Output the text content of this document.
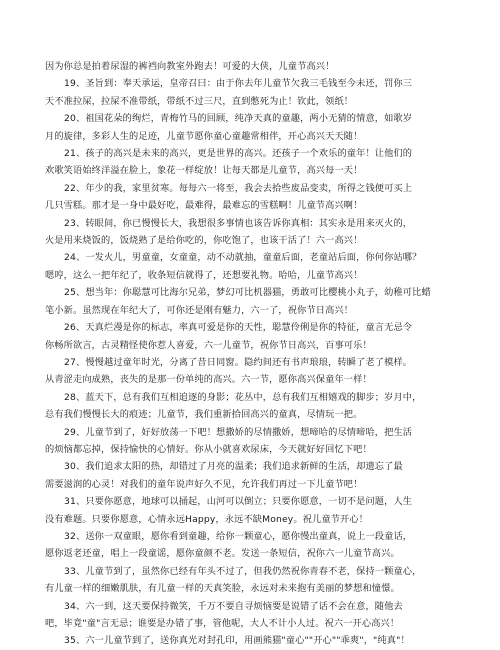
因为你总是拍着尿湿的裤裆向教室外跑去！可爱的大侠，儿童节高兴！
19、圣旨到：奉天承运，皇帝召曰：由于你去年儿童节欠我三毛钱至今未还，罚你三
天不准拉屎，拉屎不准带纸，带纸不过三尺，直到憋死为止！钦此，领纸！
20、祖国花朵的绚烂，青梅竹马的回顾，纯净天真的童趣，两小无猜的情意，如歌岁
月的旋律，多彩人生的足迹，儿童节愿你童心童趣常相伴，开心高兴天天随！
21、孩子的高兴是未来的高兴，更是世界的高兴。还孩子一个欢乐的童年！让他们的
欢歌笑语始终洋溢在脸上，象花一样绽放！让每天都是儿童节，高兴每一天！
22、年少的我，家里贫寒。每每六一将至，我会去拾些废品变卖，所得之钱便可买上
几只雪糕。那才是一身中最好吃，最难得，最难忘的雪糕啊！儿童节高兴啊！
23、转眼间，你已慢慢长大，我想很多事情也该告诉你真相：其实永是用来灭火的，
火是用来烧饭的，饭烧熟了是给你吃的，你吃饱了，也该干活了！六一高兴！
24、一发火儿，男童童，女童童，动不动就抽，童童后面，老童站后面，你何你站哪？
嗯哼，这么一把年纪了，收条短信就得了，还想要礼物。哈哈，儿童节高兴！
25、想当年：你聪慧可比海尔兄弟，梦幻可比机器猫，勇敢可比樱桃小丸子，幼稚可比蜡
笔小新。虽然现在年纪大了，可你还是刚有魅力，六一了，祝你节日高兴！
26、天真烂漫是你的标志，率真可爱是你的天性，聪慧伶俐是你的特征，童言无忌令
你畅所欲言，古灵精怪使你惹人喜爱，六一儿童节，祝你节日高兴，百事可乐！
27、慢慢越过童年时光，分离了昔日同窗。隐约间还有书声琅琅，转瞬了老了模样。
从青涩走向成熟，丧失的是那一份单纯的高兴。六一节，愿你高兴保童年一样！
28、蓝天下，总有我们互相追逐的身影；花丛中，总有我们互相嬉戏的脚步；岁月中，
总有我们慢慢长大的痕迹；儿童节，我们重新拾回高兴的童真，尽情玩一把。
29、儿童节到了，好好放荡一下吧！想撒娇的尽情撒娇，想啼哈的尽情啼哈，把生活
的烦恼都忘掉，保持愉快的心情好。你从小就喜欢尿床，今天就好好回忆下吧！
30、我们追求太阳的热，却错过了月亮的温柔；我们追求新鲜的生活，却遗忘了最
需要滋润的心灵！对我们的童年说声好久不见，允许我们再过一下儿童节吧！
31、只要你愿意，地球可以捅起，山河可以倒立；只要你愿意，一切不是问题，人生
没有难题。只要你愿意，心情永远Happy，永远不缺Money。祝儿童节开心！
32、送你一双童眼，愿你看到童趣，给你一颗童心，愿你慢出童真，说上一段童话，
愿你返老还童，唱上一段童谣，愿你童颜不老。发送一条短信，祝你六一儿童节高兴。
33、儿童节到了，虽然你已经有年头不过了，但我仍然祝你青春不老，保持一颗童心，
有儿童一样的细嫩肌肤，有儿童一样的天真笑脸，永远对未来抱有美丽的梦想和憧憬。
34、六一到，这天要保持微笑，千万不要自寻烦恼要是说错了话不会在意，随他去
吧，毕竟"童"言无忌；谁要是办错了事，管他呢，大人不计小人过。祝六一开心高兴！
35、六一儿童节到了，送你真光对封孔印，用画熊猫"童心""开心""乖爽"，"纯真"！
